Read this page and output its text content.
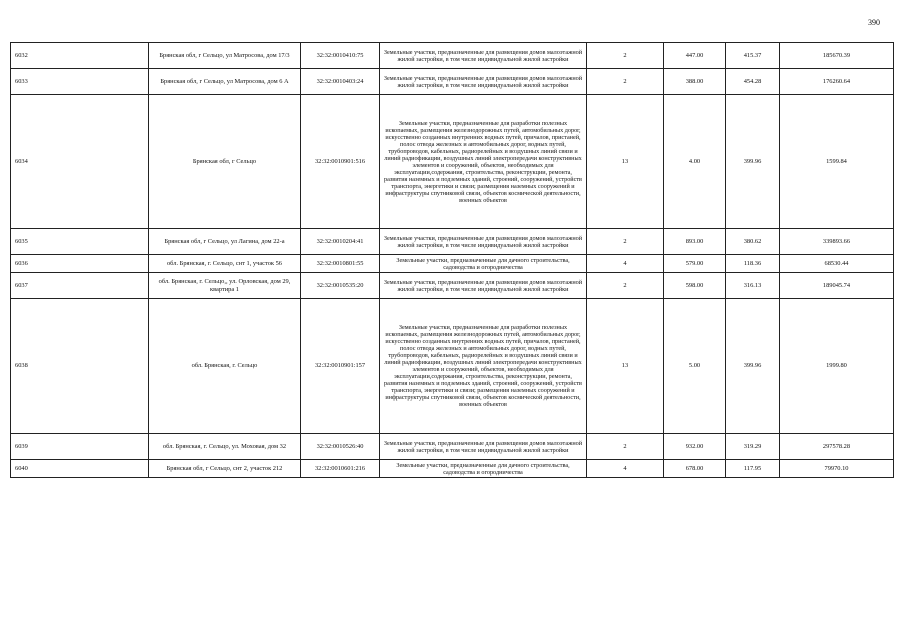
390
6032	Брянская обл, г Сельцо, ул Матросова, дом 17/3	32:32:0010410:75	Земельные участки, предназначенные для размещения домов малоэтажной жилой застройки, в том числе индивидуальной жилой застройки	2	447.00	415.37	185670.39
6033	Брянская обл, г Сельцо, ул Матросова, дом 6 А	32:32:0010403:24	Земельные участки, предназначенные для размещения домов малоэтажной жилой застройки, в том числе индивидуальной жилой застройки	2	388.00	454.28	176260.64
6034	Брянская обл, г Сельцо	32:32:0010901:516	Земельные участки, предназначенные для разработки полезных ископаемых, размещения железнодорожных путей, автомобильных дорог, искусственно созданных внутренних водных путей, причалов, пристаней, полос отвода железных и автомобильных дорог, водных путей, трубопроводов, кабельных, радиорелейных и воздушных линий связи и линий радиофикации, воздушных линий электропередачи конструктивных элементов и сооружений, объектов, необходимых для эксплуатации,содержания, строительства, реконструкции, ремонта, развития наземных и подземных зданий, строений, сооружений, устройств транспорта, энергетики и связи; размещения наземных сооружений и инфраструктуры спутниковой связи, объектов космической деятельности, военных объектов	13	4.00	399.96	1599.84
6035	Брянская обл, г Сельцо, ул Лагина, дом 22-а	32:32:0010204:41	Земельные участки, предназначенные для размещения домов малоэтажной жилой застройки, в том числе индивидуальной жилой застройки	2	893.00	380.62	339893.66
6036	обл. Брянская, г. Сельцо, снт 1, участок 56	32:32:0010801:55	Земельные участки, предназначенные для дачного строительства, садоводства и огородничества	4	579.00	118.36	68530.44
6037	обл. Брянская, г. Сельцо,, ул. Орловская, дом 29, квартира 1	32:32:0010535:20	Земельные участки, предназначенные для размещения домов малоэтажной жилой застройки, в том числе индивидуальной жилой застройки	2	598.00	316.13	189045.74
6038	обл. Брянская, г. Сельцо	32:32:0010901:157	Земельные участки, предназначенные для разработки полезных ископаемых, размещения железнодорожных путей, автомобильных дорог, искусственно созданных внутренних водных путей, причалов, пристаней, полос отвода железных и автомобильных дорог, водных путей, трубопроводов, кабельных, радиорелейных и воздушных линий связи и линий радиофикации, воздушных линий электропередачи конструктивных элементов и сооружений, объектов, необходимых для эксплуатации,содержания, строительства, реконструкции, ремонта, развития наземных и подземных зданий, строений, сооружений, устройств транспорта, энергетики и связи; размещения наземных сооружений и инфраструктуры спутниковой связи, объектов космической деятельности, военных объектов	13	5.00	399.96	1999.80
6039	обл. Брянская, г. Сельцо, ул. Моховая, дом 32	32:32:0010526:40	Земельные участки, предназначенные для размещения домов малоэтажной жилой застройки, в том числе индивидуальной жилой застройки	2	932.00	319.29	297578.28
6040	Брянская обл, г Сельцо, снт 2, участок 212	32:32:0010601:216	Земельные участки, предназначенные для дачного строительства, садоводства и огородничества	4	678.00	117.95	79970.10
